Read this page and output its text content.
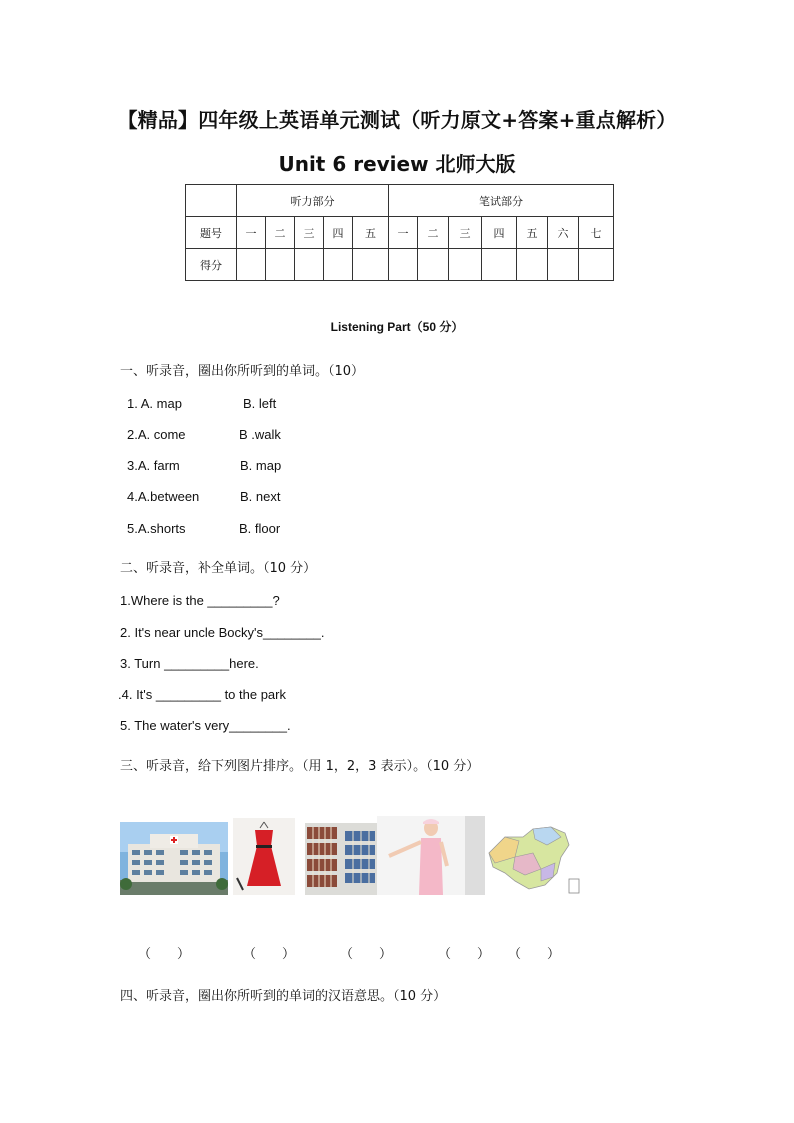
【精品】四年级上英语单元测试（听力原文+答案+重点解析）
Unit 6 review 北师大版
	听力部分					笔试部分						
题号	一	二	三	四	五	一	二	三	四	五	六	七
得分												
Listening Part（50 分）
一、听录音，圈出你所听到的单词。（10）
1. A. map	B. left
2.A. come	B .walk
3.A. farm	B. map
4.A.between	B. next
5.A.shorts	B. floor
二、听录音，补全单词。（10 分）
1.Where is the _________?
2. It's near uncle Bocky's________.
3. Turn _________here.
.4. It's _________ to the park
5. The water's very________.
三、听录音，给下列图片排序。（用 1，2，3 表示）。（10 分）
（　　）	（　　）	（　　）	（　　） （　　）
四、听录音，圈出你所听到的单词的汉语意思。（10 分）
